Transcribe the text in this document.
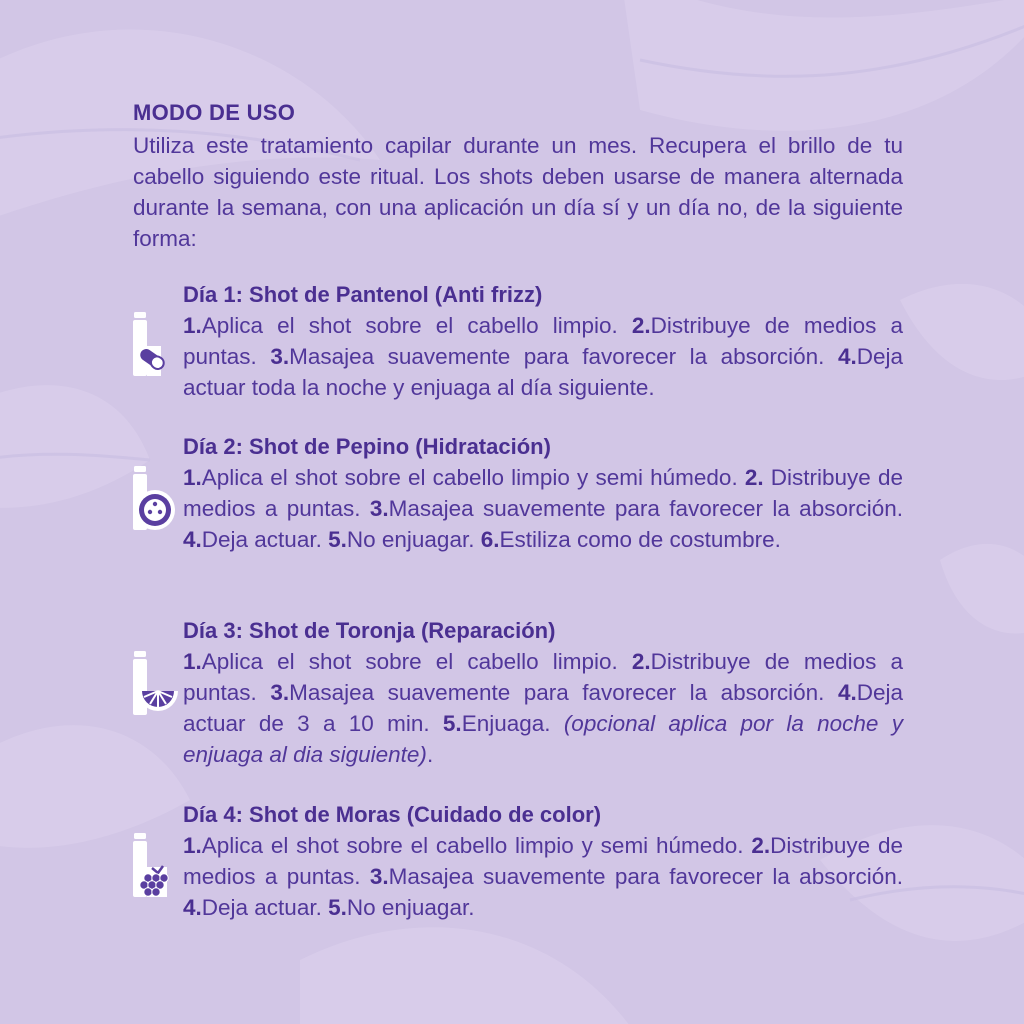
MODO DE USO

Utiliza este tratamiento capilar durante un mes. Recupera el brillo de tu cabello siguiendo este ritual. Los shots deben usarse de manera alternada durante la semana, con una aplicación un día sí y un día no, de la siguiente forma:

Día 1: Shot de Pantenol (Anti frizz)

1.Aplica el shot sobre el cabello limpio. 2.Distribuye de medios a puntas. 3.Masajea suavemente para favorecer la absorción. 4.Deja actuar toda la noche y enjuaga al día siguiente.

Día 2: Shot de Pepino (Hidratación)

1.Aplica el shot sobre el cabello limpio y semi húmedo. 2. Distribuye de medios a puntas. 3.Masajea suavemente para favorecer la absorción. 4.Deja actuar. 5.No enjuagar. 6.Estiliza como de costumbre.

Día 3: Shot de Toronja (Reparación)

1.Aplica el shot sobre el cabello limpio. 2.Distribuye de medios a puntas. 3.Masajea suavemente para favorecer la absorción. 4.Deja actuar de 3 a 10 min. 5.Enjuaga. (opcional aplica por la noche y enjuaga al dia siguiente).

Día 4: Shot de Moras (Cuidado de color)

1.Aplica el shot sobre el cabello limpio y semi húmedo. 2.Distribuye de medios a puntas. 3.Masajea suavemente para favorecer la absorción. 4.Deja actuar. 5.No enjuagar.
